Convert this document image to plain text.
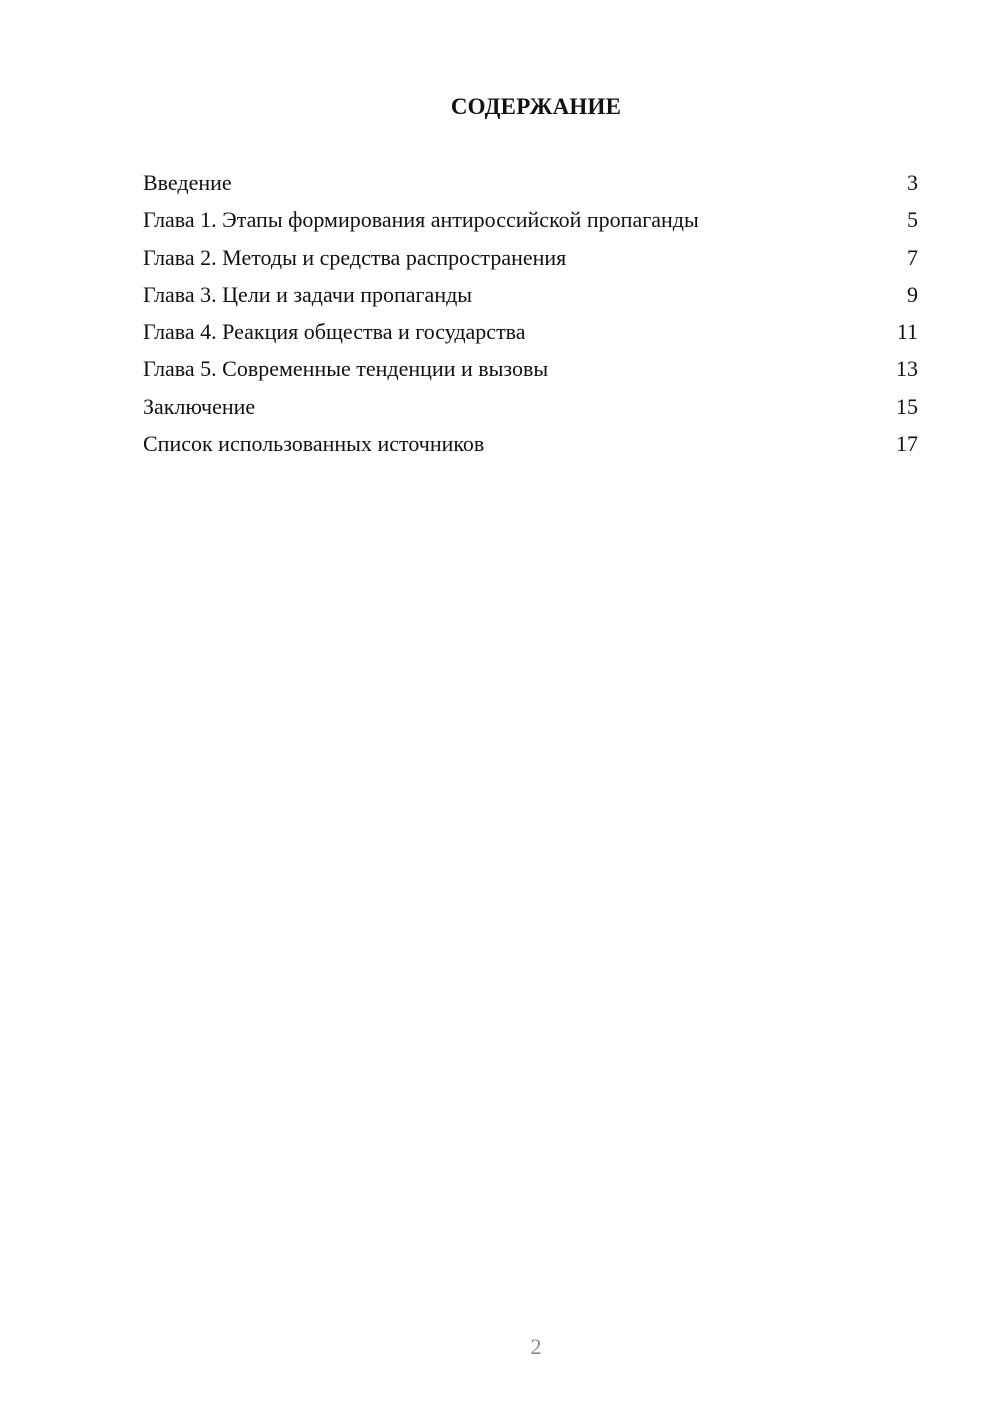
СОДЕРЖАНИЕ
Введение	3
Глава 1. Этапы формирования антироссийской пропаганды	5
Глава 2. Методы и средства распространения	7
Глава 3. Цели и задачи пропаганды	9
Глава 4. Реакция общества и государства	11
Глава 5. Современные тенденции и вызовы	13
Заключение	15
Список использованных источников	17
2
